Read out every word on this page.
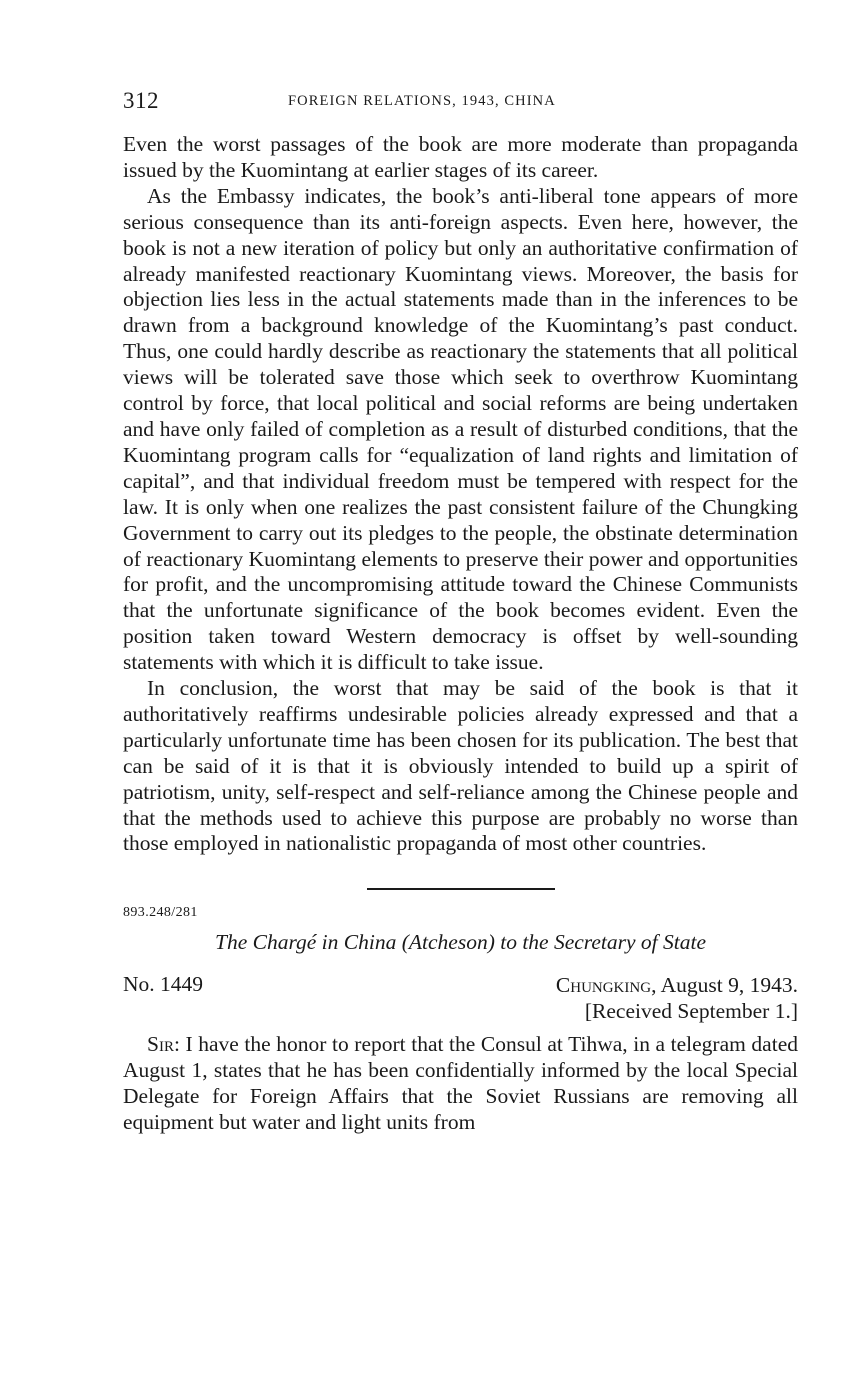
312	FOREIGN RELATIONS, 1943, CHINA

Even the worst passages of the book are more moderate than propaganda issued by the Kuomintang at earlier stages of its career.

As the Embassy indicates, the book’s anti-liberal tone appears of more serious consequence than its anti-foreign aspects. Even here, however, the book is not a new iteration of policy but only an authoritative confirmation of already manifested reactionary Kuomintang views. Moreover, the basis for objection lies less in the actual statements made than in the inferences to be drawn from a background knowledge of the Kuomintang’s past conduct. Thus, one could hardly describe as reactionary the statements that all political views will be tolerated save those which seek to overthrow Kuomintang control by force, that local political and social reforms are being undertaken and have only failed of completion as a result of disturbed conditions, that the Kuomintang program calls for “equalization of land rights and limitation of capital”, and that individual freedom must be tempered with respect for the law. It is only when one realizes the past consistent failure of the Chungking Government to carry out its pledges to the people, the obstinate determination of reactionary Kuomintang elements to preserve their power and opportunities for profit, and the uncompromising attitude toward the Chinese Communists that the unfortunate significance of the book becomes evident. Even the position taken toward Western democracy is offset by well-sounding statements with which it is difficult to take issue.

In conclusion, the worst that may be said of the book is that it authoritatively reaffirms undesirable policies already expressed and that a particularly unfortunate time has been chosen for its publication. The best that can be said of it is that it is obviously intended to build up a spirit of patriotism, unity, self-respect and self-reliance among the Chinese people and that the methods used to achieve this purpose are probably no worse than those employed in nationalistic propaganda of most other countries.

893.248/281
The Chargé in China (Atcheson) to the Secretary of State
No. 1449	Chungking, August 9, 1943.
[Received September 1.]

Sir: I have the honor to report that the Consul at Tihwa, in a telegram dated August 1, states that he has been confidentially informed by the local Special Delegate for Foreign Affairs that the Soviet Russians are removing all equipment but water and light units from
